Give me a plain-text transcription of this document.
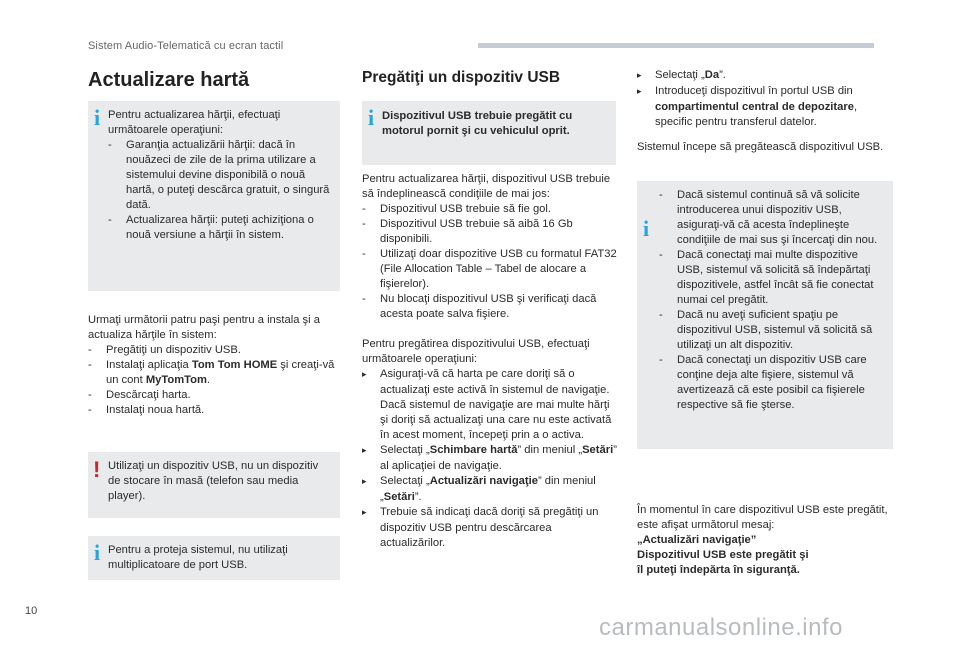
Sistem Audio-Telematică cu ecran tactil
Actualizare hartă
i Pentru actualizarea hărţii, efectuaţi următoarele operaţiuni:

- Garanţia actualizării hărţii: dacă în nouăzeci de zile de la prima utilizare a sistemului devine disponibilă o nouă hartă, o puteţi descărca gratuit, o singură dată.

- Actualizarea hărţii: puteţi achiziţiona o nouă versiune a hărţii în sistem.

Urmaţi următorii patru paşi pentru a instala şi a actualiza hărţile în sistem:

- Pregătiţi un dispozitiv USB.

- Instalaţi aplicaţia Tom Tom HOME şi creaţi-vă un cont MyTomTom.

- Descărcaţi harta.

- Instalaţi noua hartă.

! Utilizaţi un dispozitiv USB, nu un dispozitiv de stocare în masă (telefon sau media player).

i Pentru a proteja sistemul, nu utilizaţi multiplicatoare de port USB.

Pregătiţi un dispozitiv USB
i Dispozitivul USB trebuie pregătit cu motorul pornit şi cu vehiculul oprit.

Pentru actualizarea hărţii, dispozitivul USB trebuie să îndeplinească condiţiile de mai jos:

- Dispozitivul USB trebuie să fie gol.

- Dispozitivul USB trebuie să aibă 16 Gb disponibili.

- Utilizaţi doar dispozitive USB cu formatul FAT32 (File Allocation Table – Tabel de alocare a fişierelor).

- Nu blocaţi dispozitivul USB şi verificaţi dacă acesta poate salva fişiere.

Pentru pregătirea dispozitivului USB, efectuaţi următoarele operaţiuni:

▸ Asiguraţi-vă că harta pe care doriţi să o actualizaţi este activă în sistemul de navigaţie.

Dacă sistemul de navigaţie are mai multe hărţi şi doriţi să actualizaţi una care nu este activată în acest moment, începeţi prin a o activa.

▸ Selectaţi „Schimbare hartă” din meniul „Setări” al aplicaţiei de navigaţie.

▸ Selectaţi „Actualizări navigaţie” din meniul „Setări”.

▸ Trebuie să indicaţi dacă doriţi să pregătiţi un dispozitiv USB pentru descărcarea actualizărilor.

▸ Selectaţi „Da”.

▸ Introduceţi dispozitivul în portul USB din compartimentul central de depozitare, specific pentru transferul datelor.

Sistemul începe să pregătească dispozitivul USB.

i

- Dacă sistemul continuă să vă solicite introducerea unui dispozitiv USB, asiguraţi-vă că acesta îndeplineşte condiţiile de mai sus şi încercaţi din nou.

- Dacă conectaţi mai multe dispozitive USB, sistemul vă solicită să îndepărtaţi dispozitivele, astfel încât să fie conectat numai cel pregătit.

- Dacă nu aveţi suficient spaţiu pe dispozitivul USB, sistemul vă solicită să utilizaţi un alt dispozitiv.

- Dacă conectaţi un dispozitiv USB care conţine deja alte fişiere, sistemul vă avertizează că este posibil ca fişierele respective să fie şterse.

În momentul în care dispozitivul USB este pregătit, este afişat următorul mesaj:

„Actualizări navigaţie”

Dispozitivul USB este pregătit şi

îl puteţi îndepărta în siguranţă.

10
carmanualsonline.info
